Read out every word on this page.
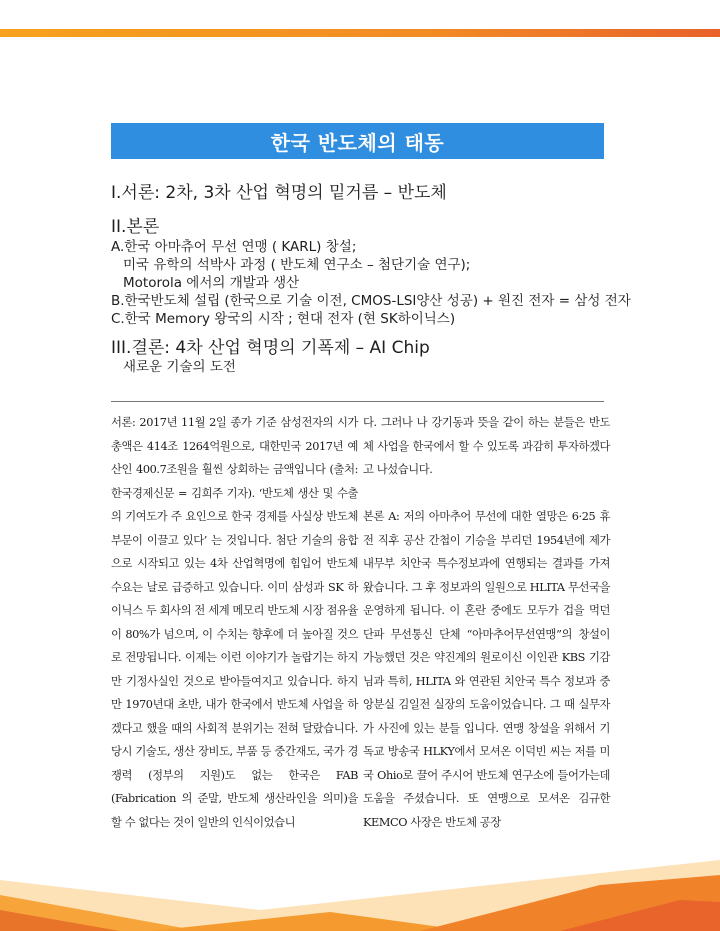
한국 반도체의 태동
I.서론: 2차, 3차 산업 혁명의 밑거름 – 반도체
II.본론
A.한국 아마츄어 무선 연맹 ( KARL) 창설;
미국 유학의 석박사 과정 ( 반도체 연구소 – 첨단기술 연구);
Motorola 에서의 개발과 생산
B.한국반도체 설립 (한국으로 기술 이전, CMOS-LSI양산 성공) + 원진 전자 = 삼성 전자
C.한국 Memory 왕국의 시작 ; 현대 전자 (현 SK하이닉스)
III.결론: 4차 산업 혁명의 기폭제 – AI Chip
새로운 기술의 도전

서론: 2017년 11월 2일 종가 기준 삼성전자의 시가 총액은 414조 1264억원으로, 대한민국 2017년 예산인 400.7조원을 훨씬 상회하는 금액입니다 (출처: 한국경제신문 = 김희주 기자). ‘반도체 생산 및 수출의 기여도가 주 요인으로 한국 경제를 사실상 반도체 부문이 이끌고 있다’ 는 것입니다. 첨단 기술의 융합으로 시작되고 있는 4차 산업혁명에 힘입어 반도체 수요는 날로 급증하고 있습니다. 이미 삼성과 SK 하이닉스 두 회사의 전 세계 메모리 반도체 시장 점유율이 80%가 넘으며, 이 수치는 향후에 더 높아질 것으로 전망됩니다. 이제는 이런 이야기가 놀랍기는 하지만 기정사실인 것으로 받아들여지고 있습니다. 하지만 1970년대 초반, 내가 한국에서 반도체 사업을 하겠다고 했을 때의 사회적 분위기는 전혀 달랐습니다. 당시 기술도, 생산 장비도, 부품 등 중간재도, 국가 경쟁력 (정부의 지원)도 없는 한국은 FAB (Fabrication 의 준말, 반도체 생산라인을 의미)을 할 수 없다는 것이 일반의 인식이었습니

다. 그러나 나 강기동과 뜻을 같이 하는 분들은 반도체 사업을 한국에서 할 수 있도록 과감히 투자하겠다고 나섰습니다.

본론 A: 저의 아마추어 무선에 대한 열망은 6·25 휴전 직후 공산 간첩이 기승을 부리던 1954년에 제가 내무부 치안국 특수정보과에 연행되는 결과를 가져왔습니다. 그 후 정보과의 일원으로 HLITA 무선국을 운영하게 됩니다. 이 혼란 중에도 모두가 겁을 먹던 단파 무선통신 단체 “아마추어무선연맹”의 창설이 가능했던 것은 약진계의 원로이신 이인관 KBS 기감님과 특히, HLITA 와 연관된 치안국 특수 정보과 중앙분실 김일전 실장의 도움이었습니다. 그 때 실무자가 사진에 있는 분들 입니다. 연맹 창설을 위해서 기독교 방송국 HLKY에서 모셔온 이덕빈 씨는 저를 미국 Ohio로 끌어 주시어 반도체 연구소에 들어가는데 도움을 주셨습니다. 또 연맹으로 모셔온 김규한 KEMCO 사장은 반도체 공장
